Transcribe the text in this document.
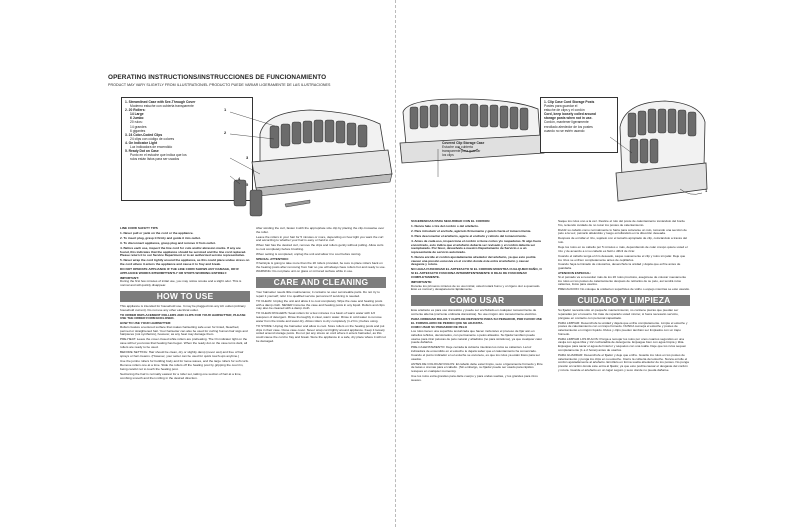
OPERATING INSTRUCTIONS/INSTRUCCIONES DE FUNCIONAMIENTO
PRODUCT MAY VARY SLIGHTLY FROM ILLUSTRATION/EL PRODUCTO PUEDE VARIAR LIGERAMENTE DE LAS ILUSTRACIONES
1. Streamlined Case with See-Through Cover
Moderno estuche con cubierta transparente
2. 20 Rollers:
14 Large
6 Jumbo
20 rulos:
14 grandes
6 gigantes
3. 24 Color-Coded Clips
24 clips con código de colores
4. On Indicator Light
Luz indicadora de encendido
5. Ready Dot on Case
Punto en el estuche que indica que los
rulos están listos para ser usados
1
2
3
4
5
Covered Clip Storage Case
Estuche con cubierta
transparente para guardar
los clips
1. Clip Case Cord Storage Posts
Postes para guardar el
estuche de clips y el cordón
Cord, keep loosely coiled around
storage posts when not in use.
Cordón, mantener ligeramente
enrollado alrededor de los postes
cuando no se estén usando
1

LINE CORD SAFETY TIPS

1. Never pull or yank on the cord or the appliance.

2. To insert plug, grasp it firmly and guide it into outlet.

3. To disconnect appliance, grasp plug and remove it from outlet.

4. Before each use, inspect the line cord for cuts and/or abrasion marks. If any are found, this indicates that the appliance should be serviced and the line cord replaced. Please return it to our Service Department or to an authorized service representative.

5. Never wrap the cord tightly around the appliance, as this could place undue stress on the cord where it enters the appliance and cause it to fray and break.

DO NOT OPERATE APPLIANCE IF THE LINE CORD SHOWS ANY DAMAGE, OR IF APPLIANCE WORKS INTERMITTENTLY OR STOPS WORKING ENTIRELY.

IMPORTANT:

During the first few minutes of initial use, you may notice smoke and a slight odor. This is normal and will quickly disappear.

HOW TO USE

This appliance is intended for household use. It may be plugged into any AC outlet (ordinary household current). Do not use any other electrical outlet.

TO ORDER REPLACEMENT ROLLERS AND CLIPS FOR YOUR HAIRSETTER, PLEASE USE THE ORDER FORM ENCLOSED.

HOW TO USE YOUR HAIRSETTER:

Rollers feature a textured surface that makes hairsetting safe even for tinted, bleached, permed or straightened hair. Your hairsetter can also be used for curling human hair wigs and hairpieces (not synthetics), however, as any heat may damage them.

PRE-HEAT: Leave the cover closed while rollers are preheating. The On indicator light on the case will let you know that heating has begun. When the ready dot on the case turns dark, all rollers are ready to be used.

BEFORE SETTING: Hair should be clean, dry or slightly damp (never wet) and free of hair sprays or hair creams. (However, your setter can be used for quick touch-ups anytime.)

Use the jumbo rollers for building body and for loose waves, and the large rollers for soft curls.

Remove rollers one at a time. Slide the rollers off the heating post by gripping the cool rim, being careful not to touch the heating post.

Sectioning the hair is normally easiest for a roller set, taking one section of hair at a time, combing smooth and then rolling in the desired direction.

After winding the curl, fasten it with the appropriate size clip by placing the clip crosswise over the roller.

Leave the rollers in your hair for 5 minutes or more, depending on how tight you want the curl and according to whether your hair is easy or hard to curl.

When hair has the desired curl, remove the clips and rollers gently without pulling. Allow curls to cool completely before brushing.

When setting is completed, unplug the unit and allow it to cool before storing.

SPECIAL ATTENTION:

If hairstyle is going to take more than the 20 rollers provided, be sure to place rollers back on the heating posts after removing from hair so you will always have rollers hot and ready to use.

WARNING: Do not place unit on glass or mirrored surface while in use.

CARE AND CLEANING

Your hairsetter needs little maintenance; it contains no user serviceable parts. Do not try to repair it yourself; refer it to qualified service personnel if servicing is needed.

TO CLEAN: Unplug the unit and allow it to cool completely. Wipe the case and heating posts with a damp cloth. NEVER immerse the case and heating posts in any liquid. Rollers and clips may also be cleaned with a damp cloth.

TO CLEAN ROLLERS: Soak rollers for a few minutes in a basin of warm water with 1/2 teaspoon of detergent. Rinse thoroughly in clear, warm water. Rinse in cold water to remove water from the inside and towel dry. Allow rollers to dry completely (1-2 hrs.) before using.

TO STORE: Unplug the hairsetter and allow to cool. Store rollers on the heating posts and put clips in their case. Close case cover. Never wrap cord tightly around appliance. Keep it loosely coiled around storage posts. Do not put any stress on cord where it enters hairsetter, as this could cause the cord to fray and break. Store the appliance in a safe, dry place where it will not be damaged.

SUGERENCIAS PARA SEGURIDAD CON EL CORDON

1. Nunca hale o tire del cordón o del artefacto.

2. Para introducir el enchufe, agárrelo firmemente y guíelo hacia el tomacorriente.

3. Para desconectar el artefacto, agarre el enchufe y retírelo del tomacorriente.

4. Antes de cada uso, inspeccione el cordón si tiene cortes y/o raspaduras. Si algo fuera encontrado, esto indica que el artefacto debería ser revisado y el cordón debería ser reemplazado. Por favor, devuélvalo a nuestro Departamento de Servicio o a un representante de servicio autorizado.

5. Nunca enrolle el cordón ajustadamente alrededor del artefacto, ya que esto podría causar una presión excesiva en el cordón donde éste entra al artefacto y causar desgaste y rotura.

NO HAGA FUNCIONAR EL ARTEFACTO SI EL CORDON MUESTRA CUALQUIER DAÑO, O SI EL ARTEFACTO FUNCIONA INTERMITENTEMENTE O DEJA DE FUNCIONAR COMPLETAMENTE.

IMPORTANTE:

Durante los primeros minutos de su uso inicial, usted notará humo y un ligero olor a quemado. Esto es normal y desaparecerá rápidamente.

COMO USAR

Este artefacto es para uso doméstico y puede ser enchufado en cualquier tomacorriente de corriente alterna (corriente ordinaria doméstica). No use ningún otro tomacorriente eléctrico.

PARA ORDENAR RULOS Y CLIPS DE REPUESTO PARA SU PEINADOR, POR FAVOR USE EL FORMULARIO DE PEDIDO QUE SE ADJUNTA.

COMO USAR SU PEINADOR DE PELO

Los rulos tienen una superficie texturizada que hacen inofensivo el proceso de fijar aún en cabellos teñidos, decolorados, con permanente o pelos alisados. Su fijador también puede usarse para rizar pelucas de pelo natural y añadidos (no para sintéticos), ya que cualquier calor puede dañarlos.

PRE-CALENTAMIENTO: Deje cerrada la cubierta mientras los rulos se calientan. La luz indicadora de encendido en el estuche le dejará saber que el calentamiento ha comenzado. Cuando el punto indicador en el estuche se oscurece, es que los rulos ya están listos para ser usados.

ANTES DE COLOCAR RULOS: El cabello debe estar limpio, seco o ligeramente húmedo y libre de lacas o cremas para el cabello. (Sin embargo, su fijador puede ser usado para rápidos retoques en cualquier momento).

Use los rulos extra grandes para darle cuerpo y para ondas sueltas, y los grandes para rizos suaves.

Saque los rulos uno a la vez. Deslice el rulo del poste de calentamiento tomándolo del borde frío, teniendo cuidado de no tocar los postes de calentamiento.

Dividir su cabello como normalmente lo haría para colocarse un rulo, tomando una sección de pelo a la vez, peinarlo alisándolo y luego enrollándolo en la dirección deseada.

Después de enrollar el rizo, sujételo con el tamaño apropiado de clip, colocándolo a través del rulo.

Deje los rulos en su cabello por 5 minutos o más, dependiendo de cuán crespo quiere usted el rizo y de acuerdo a si su cabello es fácil o difícil de rizar.

Cuando el cabello tenga el rizo deseado, saque suavemente el clip y rulos sin jalar. Deje que los rizos se enfríen completamente antes de cepillarlos.

Cuando haya terminado de colocarlos, desenchufe la unidad y déjela que enfríe antes de guardarla.

ATENCION ESPECIAL:

Si el peinado va a necesitar más de los 20 rulos provistos, asegúrese de colocar nuevamente los rulos en los postes de calentamiento después de retirarlos de su pelo, así tendrá rulos calientes, listos para usarlos.

PRECAUCION: No coloque la unidad en superficies de vidrio o espejo mientras se esté usando.

CUIDADO Y LIMPIEZA

Su fijador necesita sólo un pequeño mantenimiento; no contiene piezas que puedan ser reparadas por el usuario. No trate de repararlo usted mismo; si fuera necesario servicio, póngase en contacto con personal capacitado.

PARA LIMPIAR: Desenchufe la unidad y déjela que enfríe completamente. Limpie el estuche y postes de calentamiento con un trapo húmedo. NUNCA sumerja el estuche y postes de calentamiento en ningún líquido. Rulos y clips pueden también ser limpiados con un trapo húmedo.

PARA LIMPIAR LOS RULOS: Ponga a remojar los rulos por unos cuantos segundos en una vasija con agua tibia y 1/2 cucharadita de detergente. Enjuague bien con agua limpia y tibia. Enjuague para sacar el agua del interior y séquelos con una toalla. Deje que los rulos sequen completamente (1 a 2 horas) antes de usarlos.

PARA GUARDAR: Desenchufe el fijador y deje que enfríe. Guarde los rulos en los postes de calentamiento y ponga los clips en su estuche. Cierre la cubierta del estuche. Nunca enrolle el cordón ajustadamente al artefacto. Enróllelo en forma suelta alrededor de los postes. No ponga presión al cordón donde éste entra al fijador, ya que esto podría causar el desgaste del cordón y rotura. Guarde el artefacto en un lugar seguro y seco donde no pueda dañarse.
